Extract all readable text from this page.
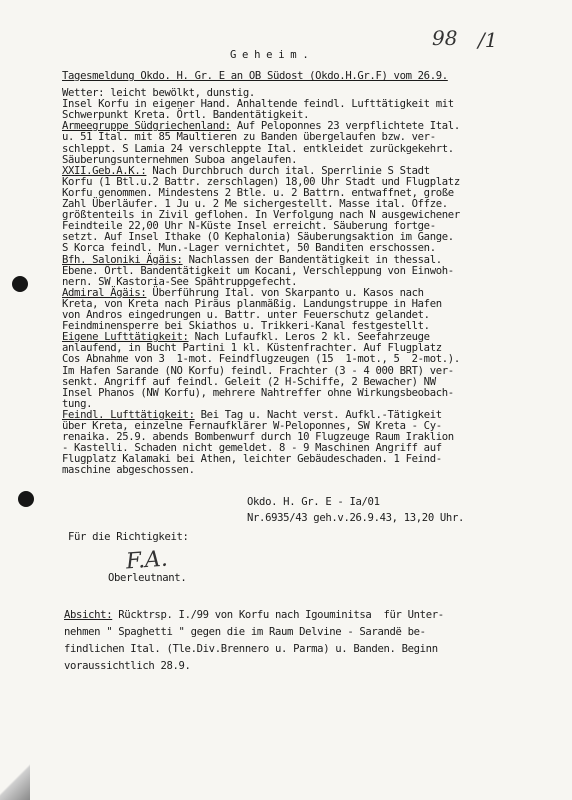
98 /1
G e h e i m .
Tagesmeldung Okdo. H. Gr. E an OB Südost (Okdo.H.Gr.F) vom 26.9.
Wetter: leicht bewölkt, dunstig.
Insel Korfu in eigener Hand. Anhaltende feindl. Lufttätigkeit mit
Schwerpunkt Kreta. Örtl. Bandentätigkeit.
Armeegruppe Südgriechenland: Auf Peloponnes 23 verpflichtete Ital.
u. 51 Ital. mit 85 Maultieren zu Banden übergelaufen bzw. ver-
schleppt. S Lamia 24 verschleppte Ital. entkleidet zurückgekehrt.
Säuberungsunternehmen Suboa angelaufen.
XXII.Geb.A.K.: Nach Durchbruch durch ital. Sperrlinie S Stadt
Korfu (1 Btl.u.2 Battr. zerschlagen) 18,00 Uhr Stadt und Flugplatz
Korfu genommen. Mindestens 2 Btle. u. 2 Battrn. entwaffnet, große
Zahl Überläufer. 1 Ju u. 2 Me sichergestellt. Masse ital. Offze.
größtenteils in Zivil geflohen. In Verfolgung nach N ausgewichener
Feindteile 22,00 Uhr N-Küste Insel erreicht. Säuberung fortge-
setzt. Auf Insel Ithake (O Kephalonia) Säuberungsaktion im Gange.
S Korca feindl. Mun.-Lager vernichtet, 50 Banditen erschossen.
Bfh. Saloniki Ägäis: Nachlassen der Bandentätigkeit in thessal.
Ebene. Örtl. Bandentätigkeit um Kocani, Verschleppung von Einwoh-
nern. SW Kastoria-See Spähtruppgefecht.
Admiral Ägäis: Überführung Ital. von Skarpanto u. Kasos nach
Kreta, von Kreta nach Piräus planmäßig. Landungstruppe in Hafen
von Andros eingedrungen u. Battr. unter Feuerschutz gelandet.
Feindminensperre bei Skiathos u. Trikkeri-Kanal festgestellt.
Eigene Lufttätigkeit: Nach Lufaufkl. Leros 2 kl. Seefahrzeuge
anlaufend, in Bucht Partini 1 kl. Küstenfrachter. Auf Flugplatz
Cos Abnahme von 3  1-mot. Feindflugzeugen (15  1-mot., 5  2-mot.).
Im Hafen Sarande (NO Korfu) feindl. Frachter (3 - 4 000 BRT) ver-
senkt. Angriff auf feindl. Geleit (2 H-Schiffe, 2 Bewacher) NW
Insel Phanos (NW Korfu), mehrere Nahtreffer ohne Wirkungsbeobach-
tung.
Feindl. Lufttätigkeit: Bei Tag u. Nacht verst. Aufkl.-Tätigkeit
über Kreta, einzelne Fernaufklärer W-Peloponnes, SW Kreta - Cy-
renaika. 25.9. abends Bombenwurf durch 10 Flugzeuge Raum Iraklion
- Kastelli. Schaden nicht gemeldet. 8 - 9 Maschinen Angriff auf
Flugplatz Kalamaki bei Athen, leichter Gebäudeschaden. 1 Feind-
maschine abgeschossen.
Okdo. H. Gr. E - Ia/01
Nr.6935/43 geh.v.26.9.43, 13,20 Uhr.
Für die Richtigkeit:
F.A.
Oberleutnant.
Absicht: Rücktrsp. I./99 von Korfu nach Igouminitsa  für Unter-
nehmen " Spaghetti " gegen die im Raum Delvine - Sarandë be-
findlichen Ital. (Tle.Div.Brennero u. Parma) u. Banden. Beginn
voraussichtlich 28.9.
